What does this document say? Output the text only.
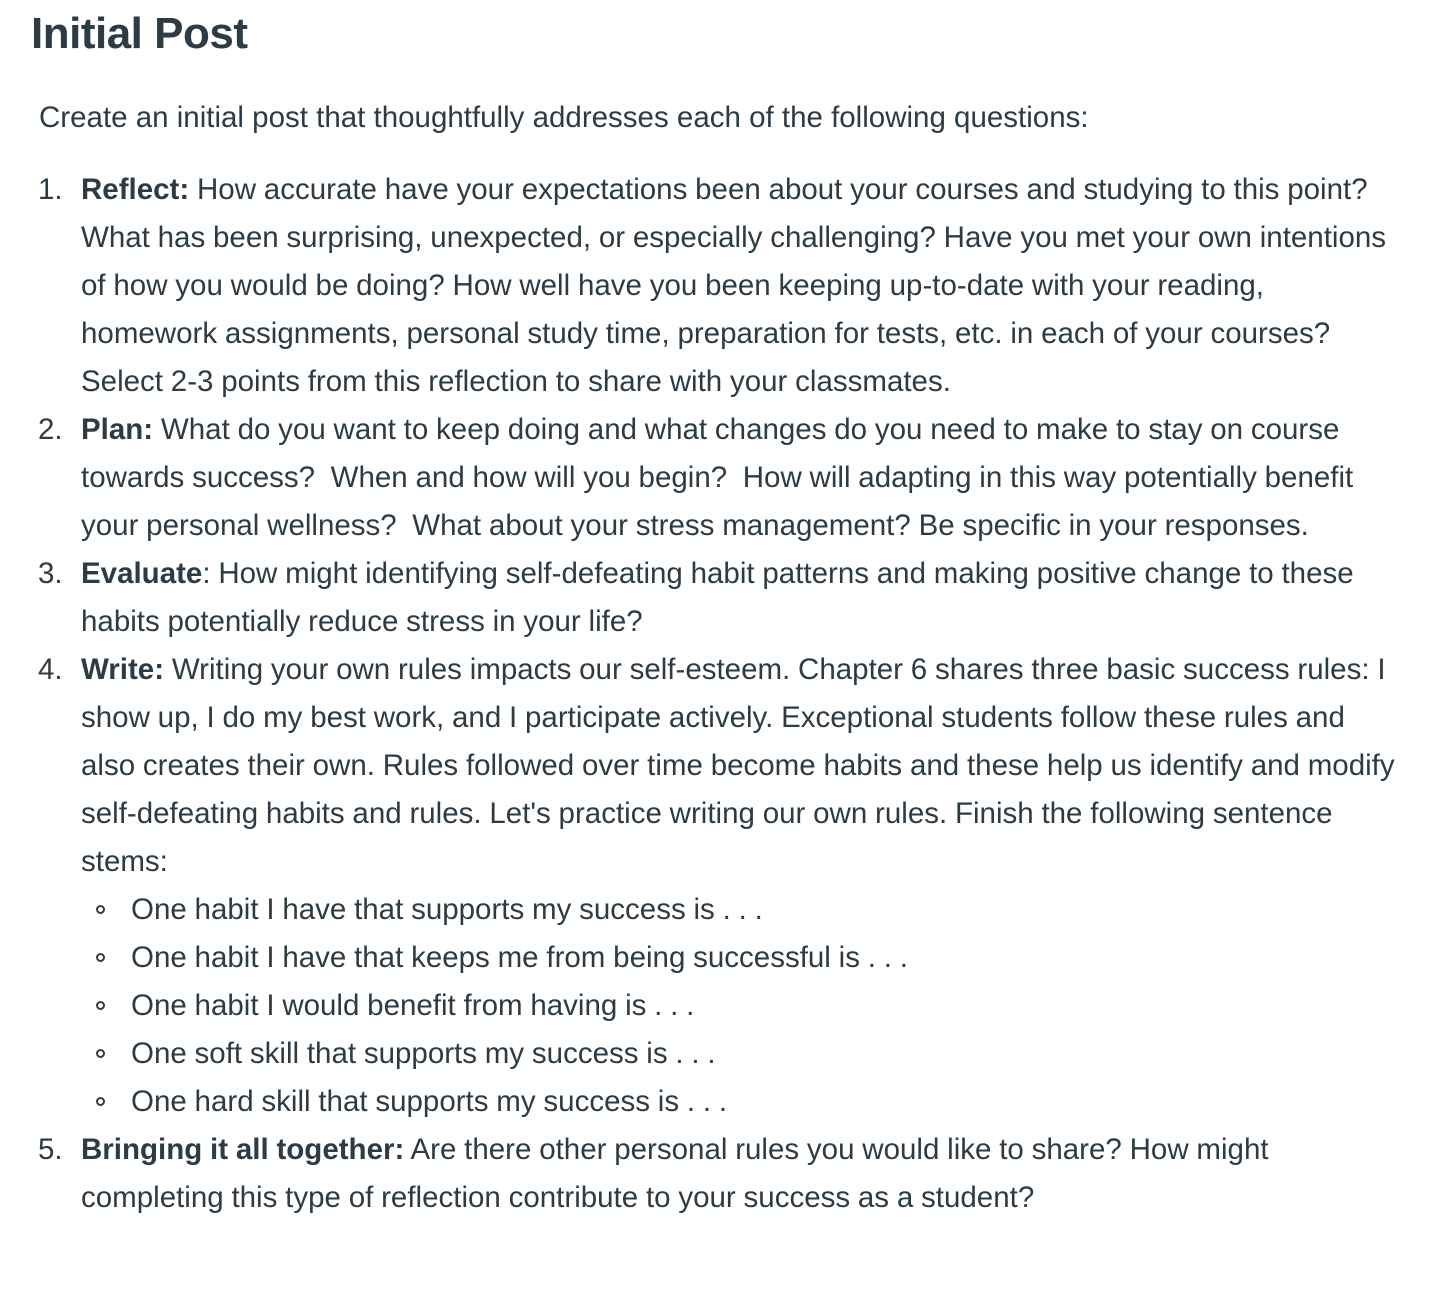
Initial Post

Create an initial post that thoughtfully addresses each of the following questions:

1. Reflect: How accurate have your expectations been about your courses and studying to this point? What has been surprising, unexpected, or especially challenging? Have you met your own intentions of how you would be doing? How well have you been keeping up-to-date with your reading, homework assignments, personal study time, preparation for tests, etc. in each of your courses?  Select 2-3 points from this reflection to share with your classmates.
2. Plan: What do you want to keep doing and what changes do you need to make to stay on course towards success?  When and how will you begin?  How will adapting in this way potentially benefit your personal wellness?  What about your stress management? Be specific in your responses.
3. Evaluate: How might identifying self-defeating habit patterns and making positive change to these habits potentially reduce stress in your life?
4. Write: Writing your own rules impacts our self-esteem. Chapter 6 shares three basic success rules: I show up, I do my best work, and I participate actively. Exceptional students follow these rules and also creates their own. Rules followed over time become habits and these help us identify and modify self-defeating habits and rules. Let's practice writing our own rules. Finish the following sentence stems:
One habit I have that supports my success is . . .
One habit I have that keeps me from being successful is . . .
One habit I would benefit from having is . . .
One soft skill that supports my success is . . .
One hard skill that supports my success is . . .
5. Bringing it all together: Are there other personal rules you would like to share? How might completing this type of reflection contribute to your success as a student?
